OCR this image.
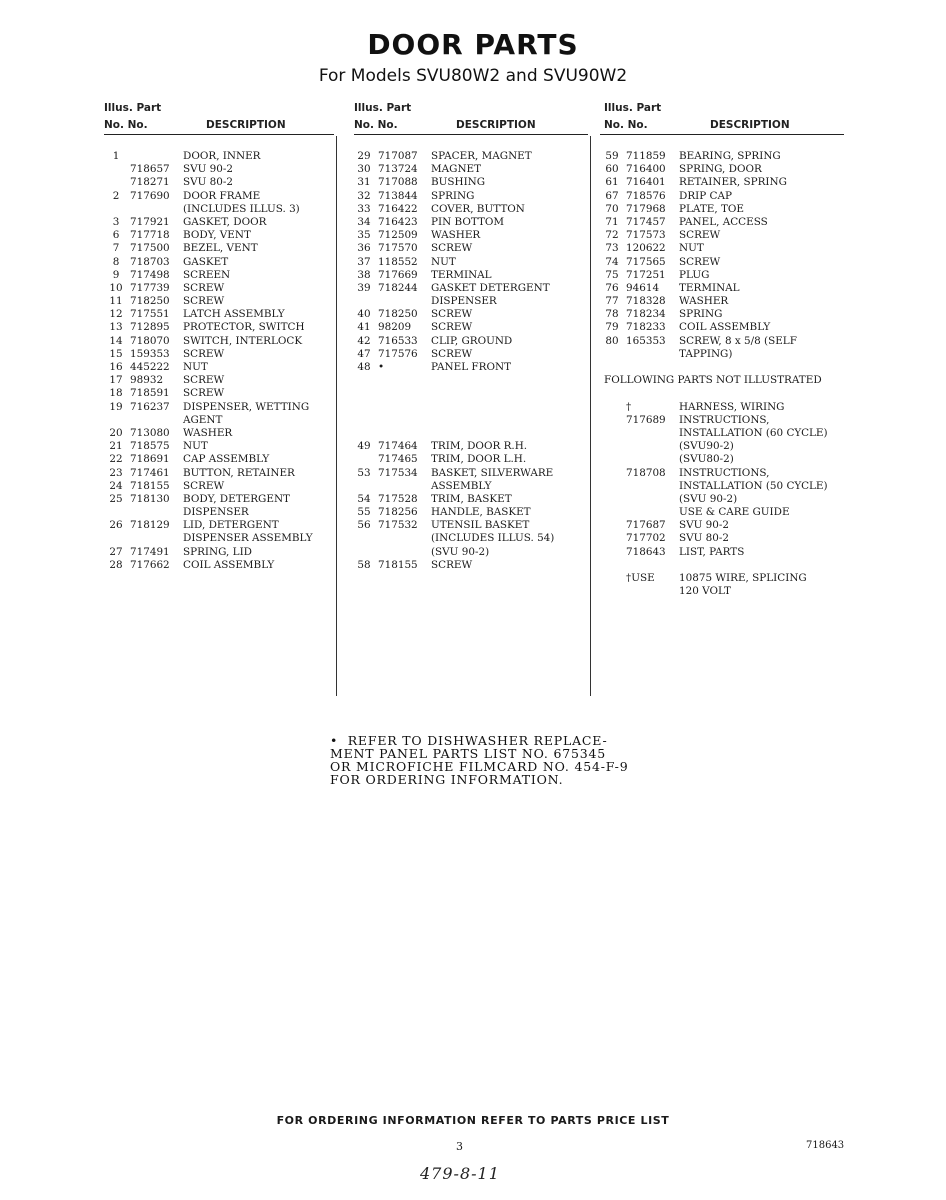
DOOR PARTS
For Models SVU80W2 and SVU90W2
Illus. Part
No. No.	DESCRIPTION
1	DOOR, INNER
718657 SVU 90-2
718271 SVU 80-2
2	717690 DOOR FRAME
(INCLUDES ILLUS. 3)
3	717921 GASKET, DOOR
6	717718 BODY, VENT
7	717500 BEZEL, VENT
8	718703 GASKET
9	717498 SCREEN
10 717739 SCREW
11 718250 SCREW
12 717551 LATCH ASSEMBLY
13 712895 PROTECTOR, SWITCH
14 718070 SWITCH, INTERLOCK
15 159353 SCREW
16 445222 NUT
17 98932 SCREW
18 718591 SCREW
19 716237 DISPENSER, WETTING
AGENT
20 713080 WASHER
21 718575 NUT
22 718691 CAP ASSEMBLY
23 717461 BUTTON, RETAINER
24 718155 SCREW
25 718130 BODY, DETERGENT
DISPENSER
26 718129 LID, DETERGENT
DISPENSER ASSEMBLY
27 717491 SPRING, LID
28 717662 COIL ASSEMBLY
Illus. Part
No. No.	DESCRIPTION
29 717087 SPACER, MAGNET
30 713724 MAGNET
31 717088 BUSHING
32 713844 SPRING
33 716422 COVER, BUTTON
34 716423 PIN BOTTOM
35 712509 WASHER
36 717570 SCREW
37 118552 NUT
38 717669 TERMINAL
39 718244 GASKET DETERGENT
DISPENSER
40 718250 SCREW
41 98209 SCREW
42 716533 CLIP, GROUND
47 717576 SCREW
48 •	PANEL FRONT
49 717464 TRIM, DOOR R.H.
717465 TRIM, DOOR L.H.
53 717534 BASKET, SILVERWARE
ASSEMBLY
54 717528 TRIM, BASKET
55 718256 HANDLE, BASKET
56 717532 UTENSIL BASKET
(INCLUDES ILLUS. 54)
(SVU 90-2)
58 718155 SCREW
Illus. Part
No. No.	DESCRIPTION
59 711859 BEARING, SPRING
60 716400 SPRING, DOOR
61 716401 RETAINER, SPRING
67 718576 DRIP CAP
70 717968 PLATE, TOE
71 717457 PANEL, ACCESS
72 717573 SCREW
73 120622 NUT
74 717565 SCREW
75 717251 PLUG
76 94614 TERMINAL
77 718328 WASHER
78 718234 SPRING
79 718233 COIL ASSEMBLY
80 165353 SCREW, 8 x 5/8 (SELF
TAPPING)
FOLLOWING PARTS NOT ILLUSTRATED
†	HARNESS, WIRING
717689 INSTRUCTIONS,
INSTALLATION (60 CYCLE)
(SVU90-2)
(SVU80-2)
718708 INSTRUCTIONS,
INSTALLATION (50 CYCLE)
(SVU 90-2)
USE & CARE GUIDE
717687 SVU 90-2
717702 SVU 80-2
718643 LIST, PARTS
†USE 10875 WIRE, SPLICING
120 VOLT
•  REFER TO DISHWASHER REPLACE-
MENT PANEL PARTS LIST NO. 675345
OR MICROFICHE FILMCARD NO. 454-F-9
FOR ORDERING INFORMATION.
FOR ORDERING INFORMATION REFER TO PARTS PRICE LIST
3	718643
479-8-11
